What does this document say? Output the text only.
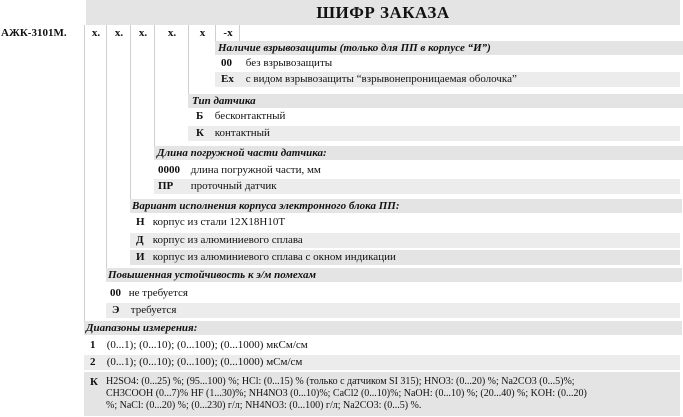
ШИФР ЗАКАЗА
АЖК-3101М.	x.	x.	x.	x.	x	-x
Наличие взрывозащиты (только для ПП в корпусе “И”)
00 без взрывозащиты
Ex с видом взрывозащиты “взрывонепроницаемая оболочка”
Тип датчика
Б бесконтактный
К контактный
Длина погружной части датчика:
0000 длина погружной части, мм
ПР проточный датчик
Вариант исполнения корпуса электронного блока ПП:
Н корпус из стали 12Х18Н10Т
Д корпус из алюминиевого сплава
И корпус из алюминиевого сплава с окном индикации
Повышенная устойчивость к э/м помехам
00 не требуется
Э требуется
Диапазоны измерения:
1 (0...1); (0...10); (0...100); (0...1000) мкСм/см
2 (0...1); (0...10); (0...100); (0...1000) мСм/см
К H2SO4: (0...25) %; (95...100) %; HCl: (0...15) % (только с датчиком SI 315); HNO3: (0...20) %; Na2CO3 (0...5)%;
CH3COOH (0...7)% HF (1...30)%; NH4NO3 (0...10)%; CaCl2 (0...10)%; NaOH: (0...10) %; (20...40) %; KOH: (0...20)
%; NaCl: (0...20) %; (0...230) г/л; NH4NO3: (0...100) г/л; Na2CO3: (0...5) %.
